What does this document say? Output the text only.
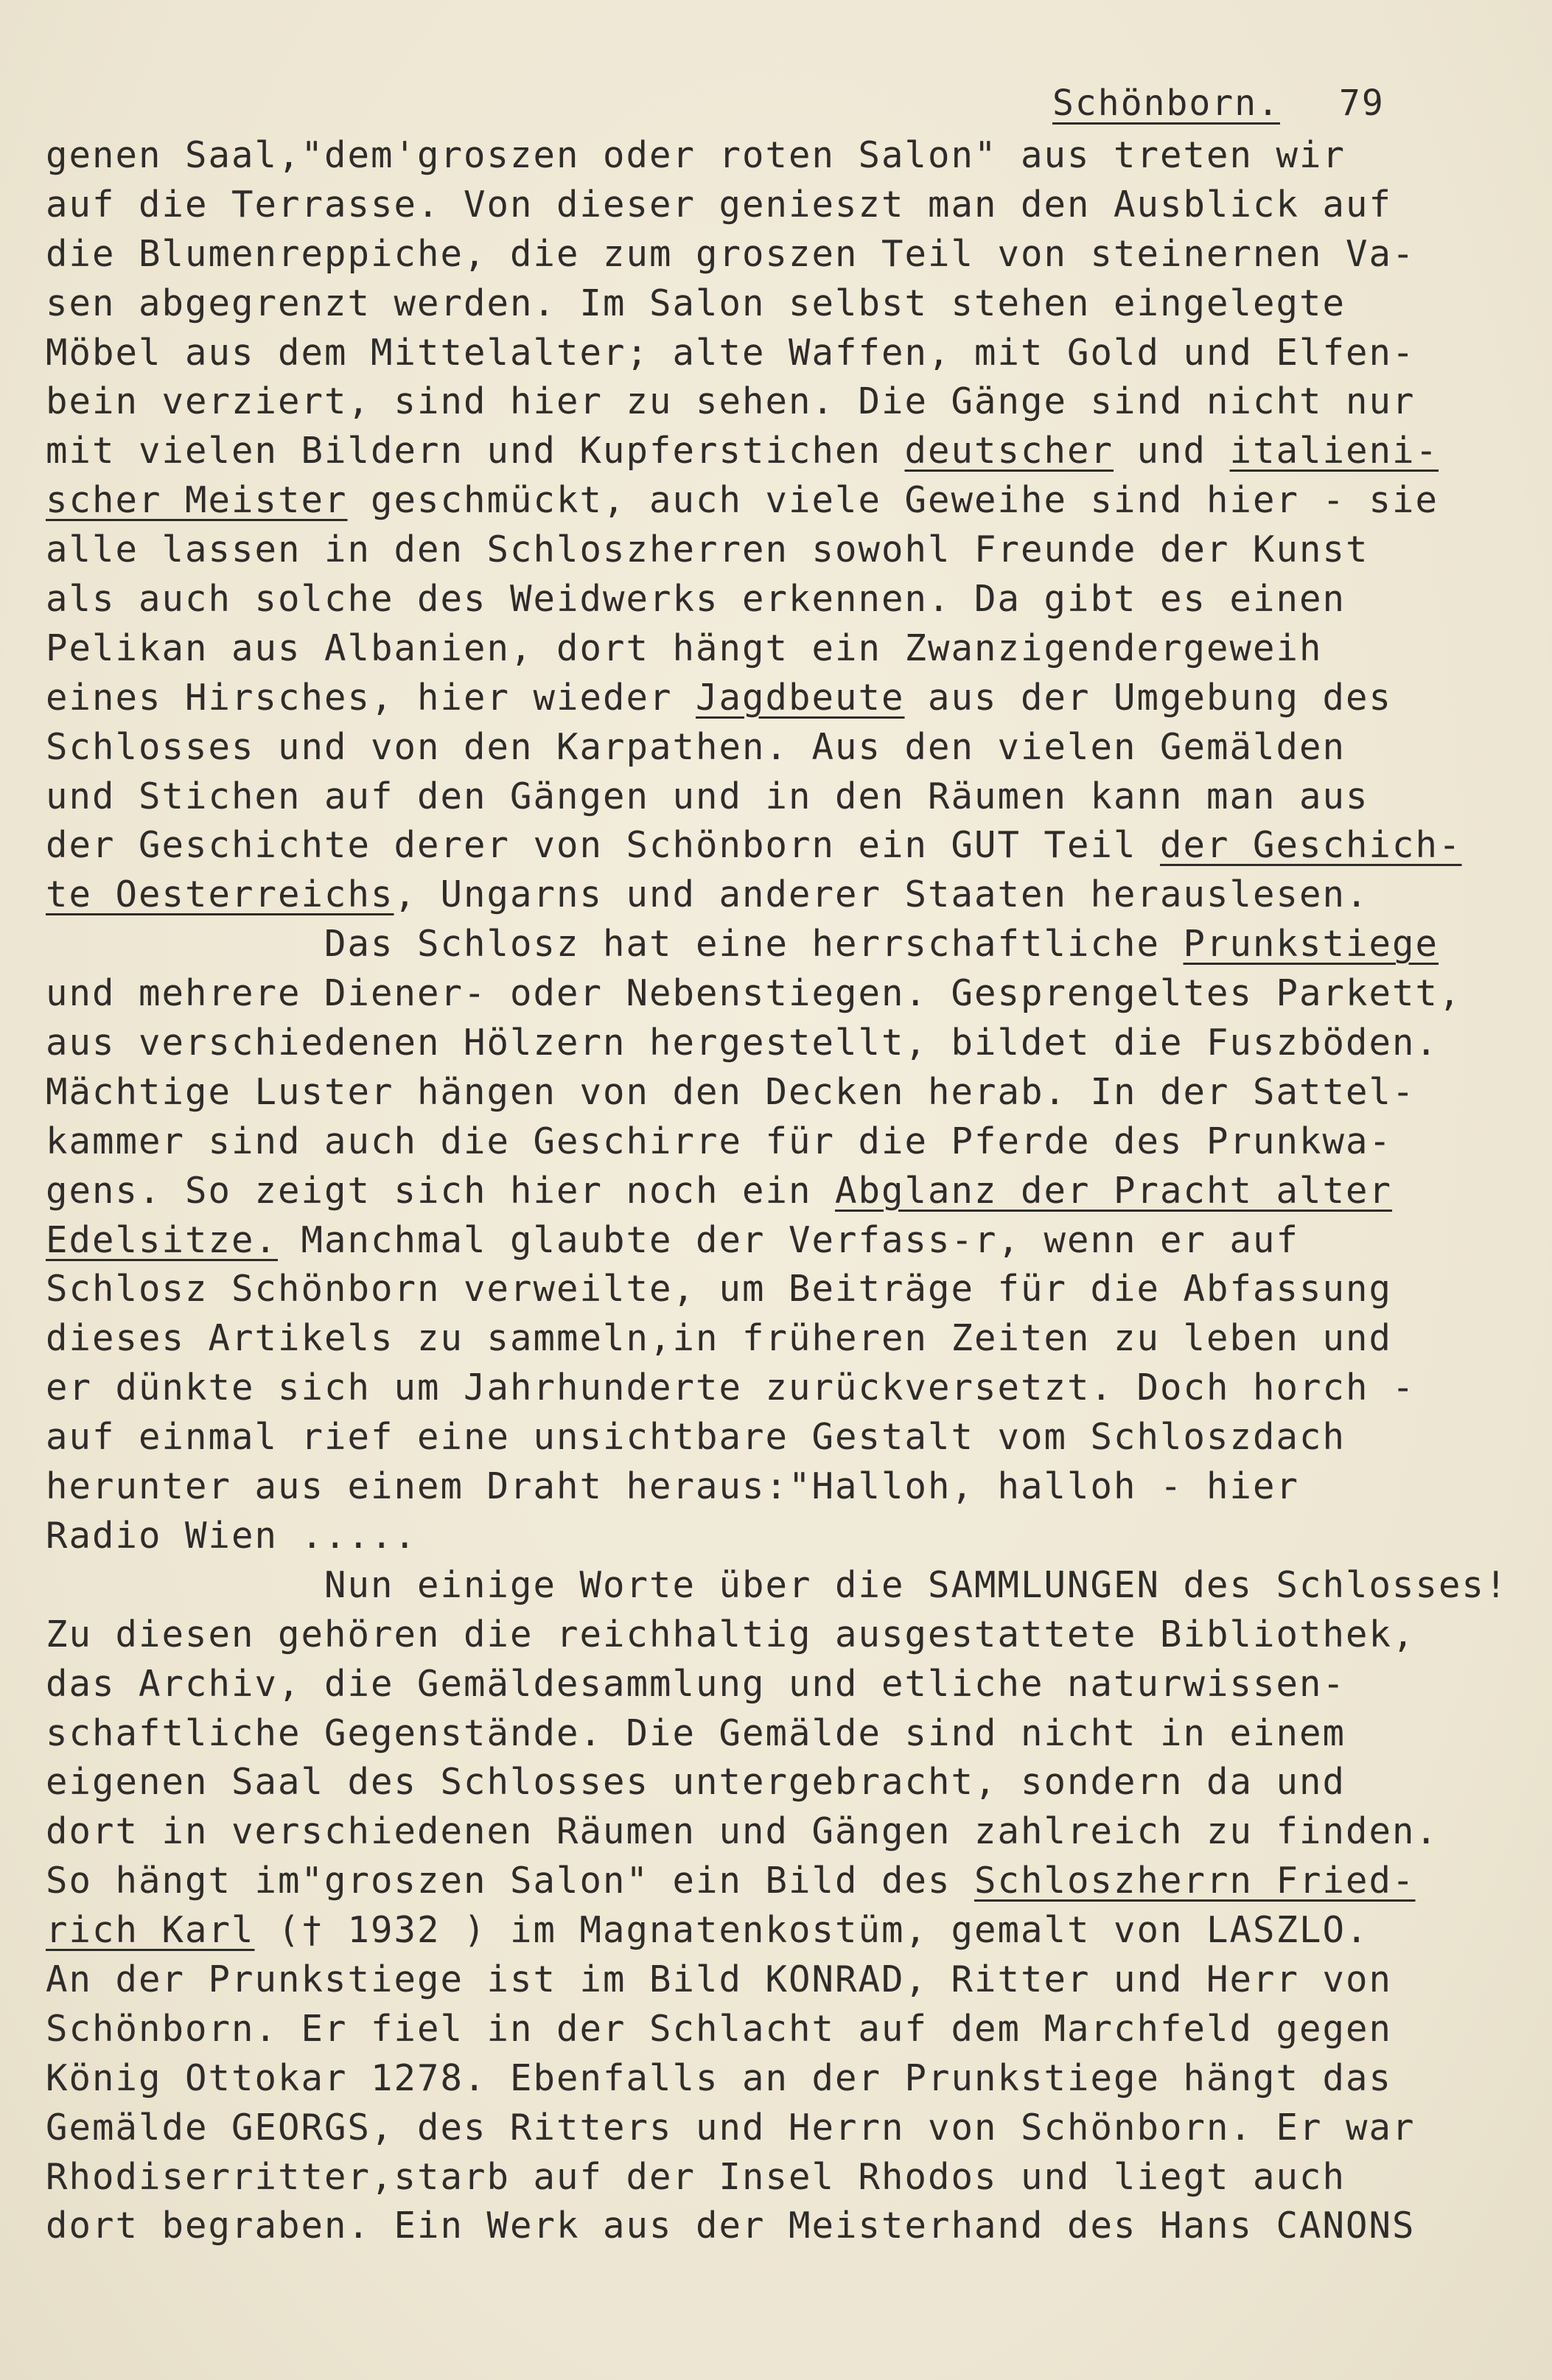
Schönborn. 79
genen Saal,"dem'groszen oder roten Salon" aus treten wir
auf die Terrasse. Von dieser genieszt man den Ausblick auf
die Blumenreppiche, die zum groszen Teil von steinernen Va-
sen abgegrenzt werden. Im Salon selbst stehen eingelegte
Möbel aus dem Mittelalter; alte Waffen, mit Gold und Elfen-
bein verziert, sind hier zu sehen. Die Gänge sind nicht nur
mit vielen Bildern und Kupferstichen deutscher und italieni-
scher Meister geschmückt, auch viele Geweihe sind hier - sie
alle lassen in den Schloszherren sowohl Freunde der Kunst
als auch solche des Weidwerks erkennen. Da gibt es einen
Pelikan aus Albanien, dort hängt ein Zwanzigendergeweih
eines Hirsches, hier wieder Jagdbeute aus der Umgebung des
Schlosses und von den Karpathen. Aus den vielen Gemälden
und Stichen auf den Gängen und in den Räumen kann man aus
der Geschichte derer von Schönborn ein GUT Teil der Geschich-
te Oesterreichs, Ungarns und anderer Staaten herauslesen.
Das Schlosz hat eine herrschaftliche Prunkstiege
und mehrere Diener- oder Nebenstiegen. Gesprengeltes Parkett,
aus verschiedenen Hölzern hergestellt, bildet die Fuszböden.
Mächtige Luster hängen von den Decken herab. In der Sattel-
kammer sind auch die Geschirre für die Pferde des Prunkwa-
gens. So zeigt sich hier noch ein Abglanz der Pracht alter
Edelsitze. Manchmal glaubte der Verfass-r, wenn er auf
Schlosz Schönborn verweilte, um Beiträge für die Abfassung
dieses Artikels zu sammeln,in früheren Zeiten zu leben und
er dünkte sich um Jahrhunderte zurückversetzt. Doch horch -
auf einmal rief eine unsichtbare Gestalt vom Schloszdach
herunter aus einem Draht heraus:"Halloh, halloh - hier
Radio Wien .....
Nun einige Worte über die SAMMLUNGEN des Schlosses!
Zu diesen gehören die reichhaltig ausgestattete Bibliothek,
das Archiv, die Gemäldesammlung und etliche naturwissen-
schaftliche Gegenstände. Die Gemälde sind nicht in einem
eigenen Saal des Schlosses untergebracht, sondern da und
dort in verschiedenen Räumen und Gängen zahlreich zu finden.
So hängt im"groszen Salon" ein Bild des Schloszherrn Fried-
rich Karl († 1932 ) im Magnatenkostüm, gemalt von LASZLO.
An der Prunkstiege ist im Bild KONRAD, Ritter und Herr von
Schönborn. Er fiel in der Schlacht auf dem Marchfeld gegen
König Ottokar 1278. Ebenfalls an der Prunkstiege hängt das
Gemälde GEORGS, des Ritters und Herrn von Schönborn. Er war
Rhodiserritter,starb auf der Insel Rhodos und liegt auch
dort begraben. Ein Werk aus der Meisterhand des Hans CANONS
